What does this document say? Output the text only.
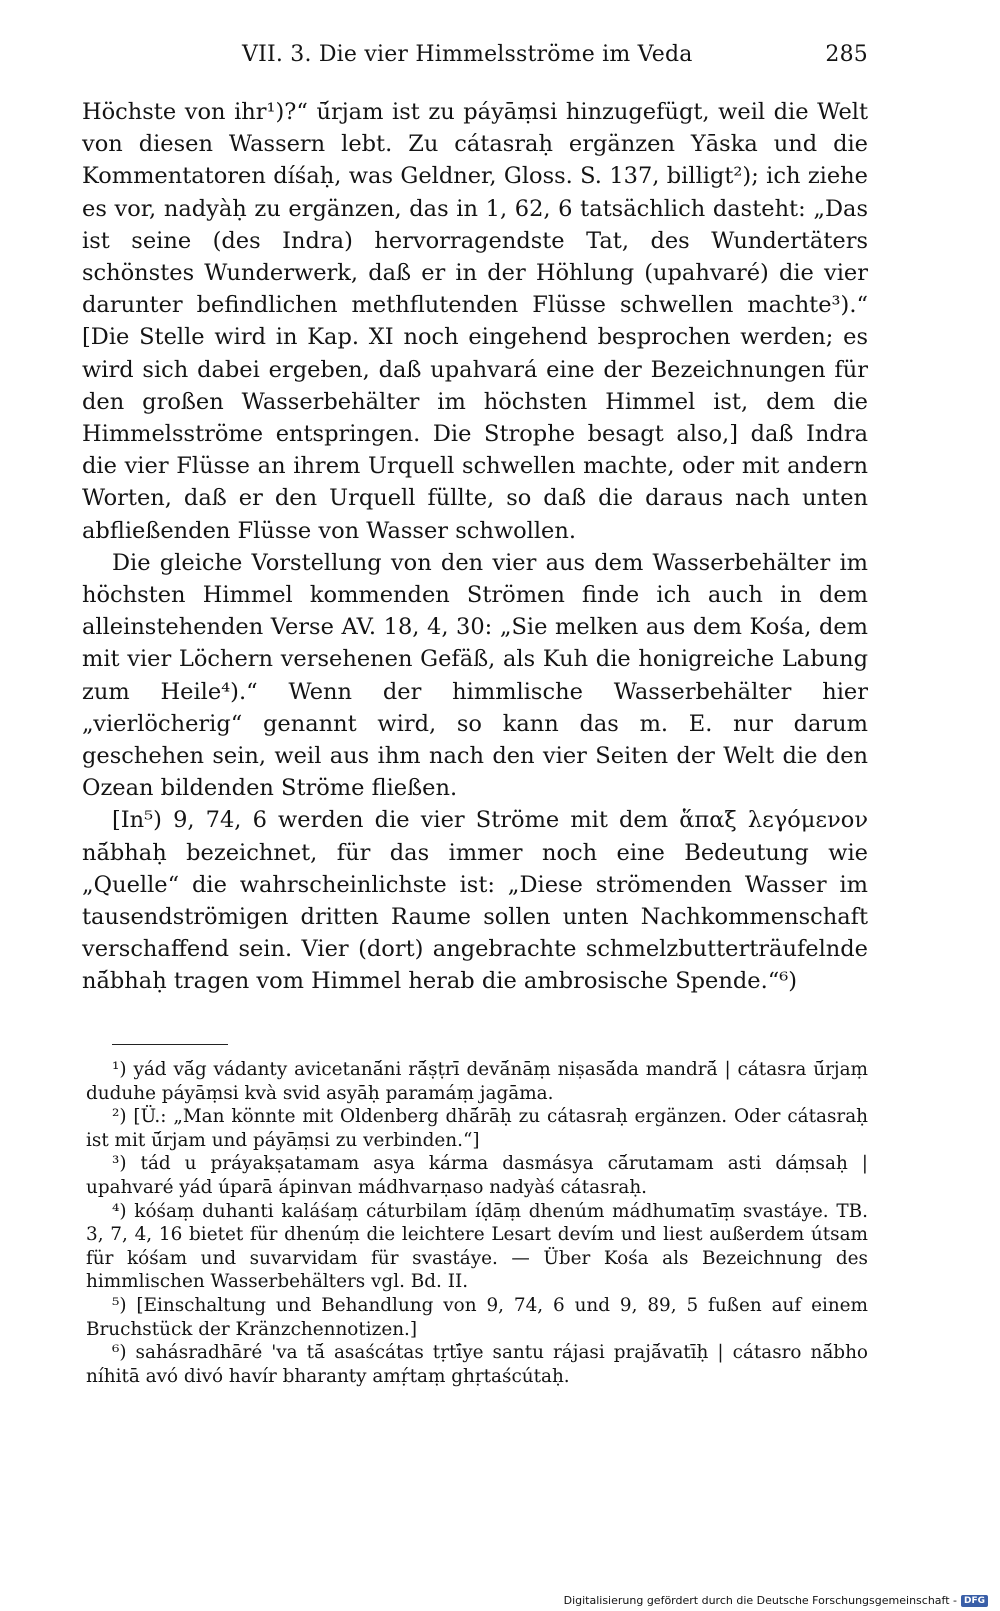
VII. 3. Die vier Himmelsströme im Veda	285

Höchste von ihr¹)?“ ū́rjam ist zu páyāṃsi hinzugefügt, weil die Welt von diesen Wassern lebt. Zu cátasraḥ ergänzen Yāska und die Kommentatoren díśaḥ, was Geldner, Gloss. S. 137, billigt²); ich ziehe es vor, nadyàḥ zu ergänzen, das in 1, 62, 6 tatsächlich dasteht: „Das ist seine (des Indra) hervorragendste Tat, des Wundertäters schönstes Wunderwerk, daß er in der Höhlung (upahvaré) die vier darunter befindlichen methflutenden Flüsse schwellen machte³).“ [Die Stelle wird in Kap. XI noch eingehend besprochen werden; es wird sich dabei ergeben, daß upahvará eine der Bezeichnungen für den großen Wasserbehälter im höchsten Himmel ist, dem die Himmelsströme entspringen. Die Strophe besagt also,] daß Indra die vier Flüsse an ihrem Urquell schwellen machte, oder mit andern Worten, daß er den Urquell füllte, so daß die daraus nach unten abfließenden Flüsse von Wasser schwollen.

Die gleiche Vorstellung von den vier aus dem Wasserbehälter im höchsten Himmel kommenden Strömen finde ich auch in dem alleinstehenden Verse AV. 18, 4, 30: „Sie melken aus dem Kośa, dem mit vier Löchern versehenen Gefäß, als Kuh die honigreiche Labung zum Heile⁴).“ Wenn der himmlische Wasserbehälter hier „vierlöcherig“ genannt wird, so kann das m. E. nur darum geschehen sein, weil aus ihm nach den vier Seiten der Welt die den Ozean bildenden Ströme fließen.

[In⁵) 9, 74, 6 werden die vier Ströme mit dem ἅπαξ λεγόμενον nā́bhaḥ bezeichnet, für das immer noch eine Bedeutung wie „Quelle“ die wahrscheinlichste ist: „Diese strömenden Wasser im tausendströmigen dritten Raume sollen unten Nachkommenschaft verschaffend sein. Vier (dort) angebrachte schmelzbutterträufelnde nā́bhaḥ tragen vom Himmel herab die ambrosische Spende.“⁶)

¹) yád vā́g vádanty avicetanā́ni rā́ṣṭrī devā́nāṃ niṣasā́da mandrā́ | cátasra ū́rjaṃ duduhe páyāṃsi kvà svid asyāḥ paramáṃ jagāma.

²) [Ü.: „Man könnte mit Oldenberg dhā́rāḥ zu cátasraḥ ergänzen. Oder cátasraḥ ist mit ū́rjam und páyāṃsi zu verbinden.“]

³) tád u práyakṣatamam asya kárma dasmásya cā́rutamam asti dáṃsaḥ | upahvaré yád úparā ápinvan mádhvarṇaso nadyàś cátasraḥ.

⁴) kóśaṃ duhanti kaláśaṃ cáturbilam íḍāṃ dhenúm mádhumatīṃ svastáye. TB. 3, 7, 4, 16 bietet für dhenúṃ die leichtere Lesart devím und liest außerdem útsam für kóśam und suvarvidam für svastáye. — Über Kośa als Bezeichnung des himmlischen Wasserbehälters vgl. Bd. II.

⁵) [Einschaltung und Behandlung von 9, 74, 6 und 9, 89, 5 fußen auf einem Bruchstück der Kränzchennotizen.]

⁶) sahásradhāré 'va tā́ asaścátas tṛtī́ye santu rájasi prajā́vatīḥ | cátasro nā́bho níhitā avó divó havír bharanty amṛ́taṃ ghṛtaścútaḥ.

Digitalisierung gefördert durch die Deutsche Forschungsgemeinschaft - DFG
